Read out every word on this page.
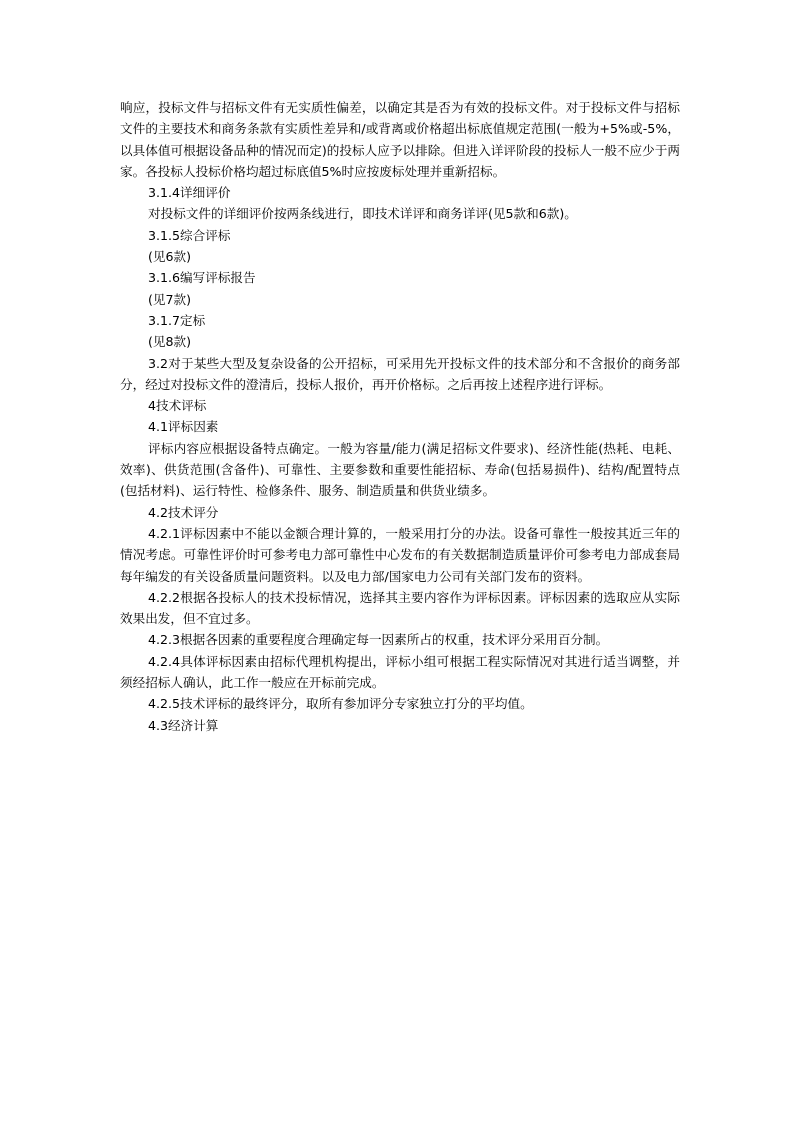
响应，投标文件与招标文件有无实质性偏差，以确定其是否为有效的投标文件。对于投标文件与招标文件的主要技术和商务条款有实质性差异和/或背离或价格超出标底值规定范围(一般为+5%或-5%，以具体值可根据设备品种的情况而定)的投标人应予以排除。但进入详评阶段的投标人一般不应少于两家。各投标人投标价格均超过标底值5%时应按废标处理并重新招标。

3.1.4详细评价

对投标文件的详细评价按两条线进行，即技术详评和商务详评(见5款和6款)。

3.1.5综合评标

(见6款)

3.1.6编写评标报告

(见7款)

3.1.7定标

(见8款)

3.2对于某些大型及复杂设备的公开招标，可采用先开投标文件的技术部分和不含报价的商务部分，经过对投标文件的澄清后，投标人报价，再开价格标。之后再按上述程序进行评标。

4技术评标

4.1评标因素

评标内容应根据设备特点确定。一般为容量/能力(满足招标文件要求)、经济性能(热耗、电耗、效率)、供货范围(含备件)、可靠性、主要参数和重要性能招标、寿命(包括易损件)、结构/配置特点(包括材料)、运行特性、检修条件、服务、制造质量和供货业绩多。

4.2技术评分

4.2.1评标因素中不能以金额合理计算的，一般采用打分的办法。设备可靠性一般按其近三年的情况考虑。可靠性评价时可参考电力部可靠性中心发布的有关数据制造质量评价可参考电力部成套局每年编发的有关设备质量问题资料。以及电力部/国家电力公司有关部门发布的资料。

4.2.2根据各投标人的技术投标情况，选择其主要内容作为评标因素。评标因素的选取应从实际效果出发，但不宜过多。

4.2.3根据各因素的重要程度合理确定每一因素所占的权重，技术评分采用百分制。

4.2.4具体评标因素由招标代理机构提出，评标小组可根据工程实际情况对其进行适当调整，并须经招标人确认，此工作一般应在开标前完成。

4.2.5技术评标的最终评分，取所有参加评分专家独立打分的平均值。

4.3经济计算
